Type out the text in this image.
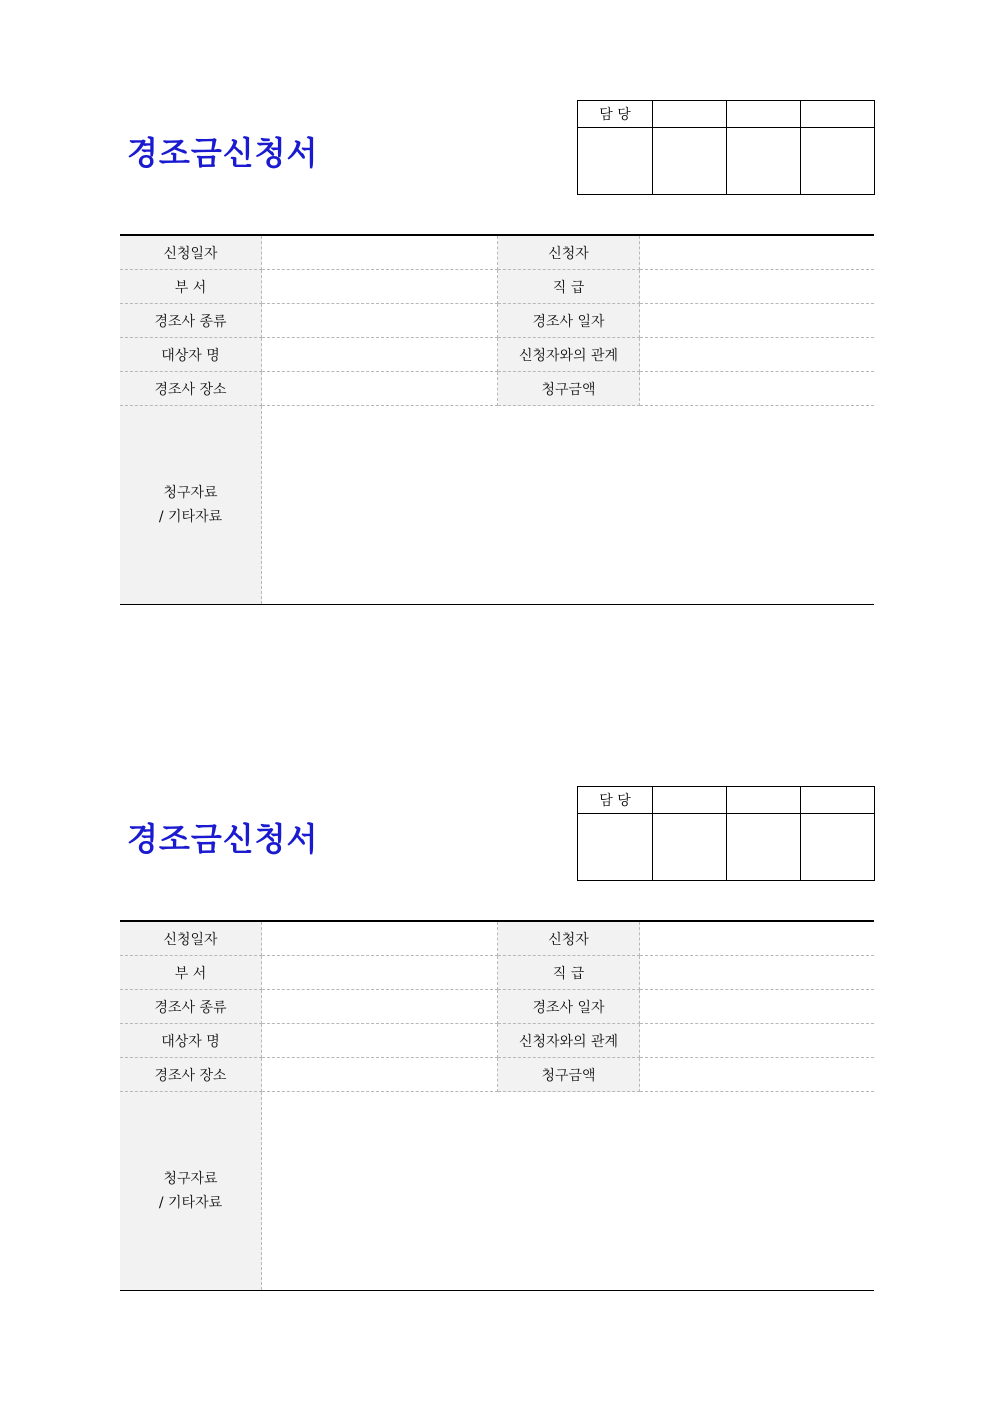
경조금신청서
담 당			

신청일자		신청자	
부 서		직 급	
경조사 종류		경조사 일자	
대상자 명		신청자와의 관계	
경조사 장소		청구금액	

청구자료
/ 기타자료			

경조금신청서
담 당			

신청일자		신청자	
부 서		직 급	
경조사 종류		경조사 일자	
대상자 명		신청자와의 관계	
경조사 장소		청구금액	

청구자료
/ 기타자료			
